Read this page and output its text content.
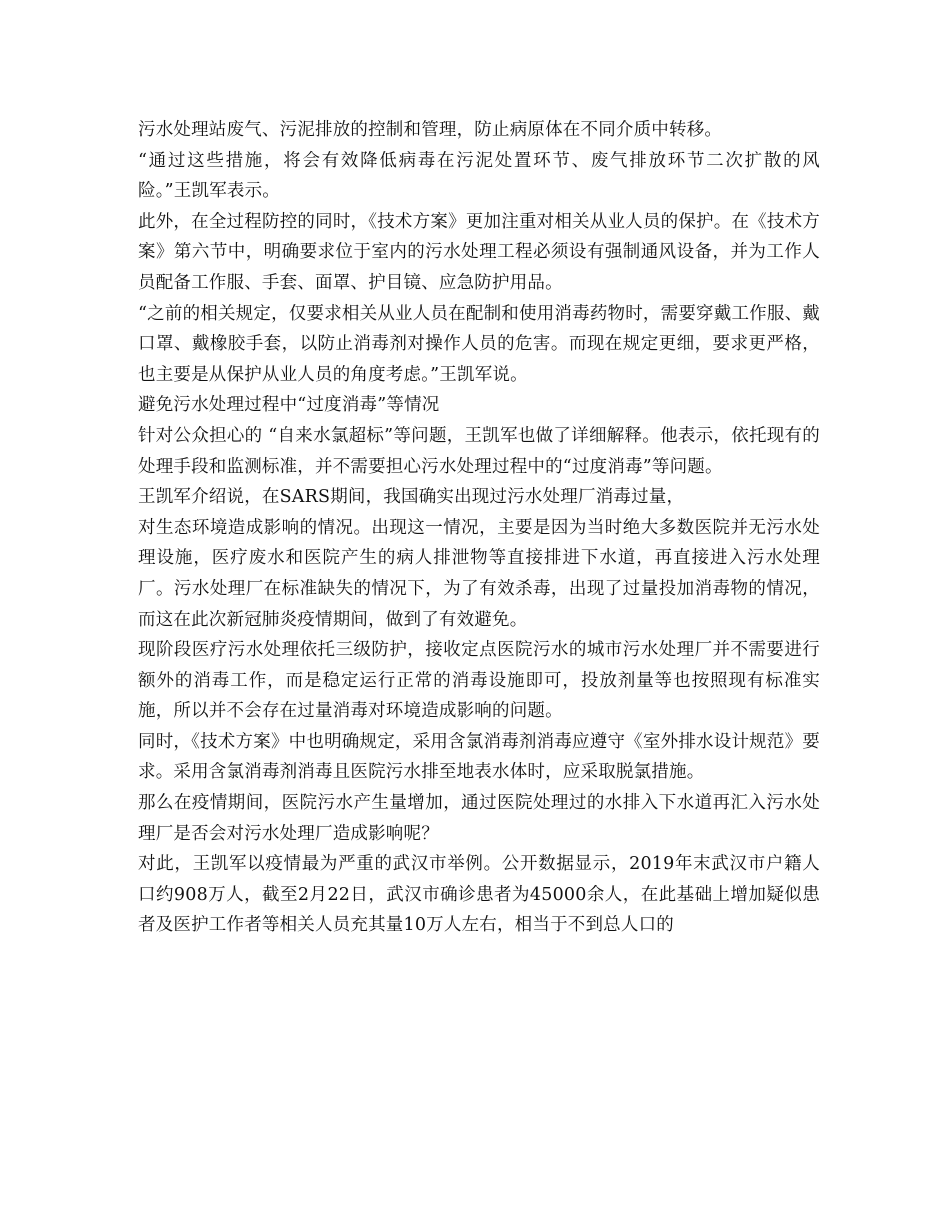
污水处理站废气、污泥排放的控制和管理，防止病原体在不同介质中转移。

“通过这些措施，将会有效降低病毒在污泥处置环节、废气排放环节二次扩散的风险。”王凯军表示。

此外，在全过程防控的同时，《技术方案》更加注重对相关从业人员的保护。在《技术方案》第六节中，明确要求位于室内的污水处理工程必须设有强制通风设备，并为工作人员配备工作服、手套、面罩、护目镜、应急防护用品。

“之前的相关规定，仅要求相关从业人员在配制和使用消毒药物时，需要穿戴工作服、戴口罩、戴橡胶手套，以防止消毒剂对操作人员的危害。而现在规定更细，要求更严格，也主要是从保护从业人员的角度考虑。”王凯军说。

避免污水处理过程中“过度消毒”等情况

针对公众担心的 “自来水氯超标”等问题，王凯军也做了详细解释。他表示，依托现有的处理手段和监测标准，并不需要担心污水处理过程中的“过度消毒”等问题。

王凯军介绍说，在SARS期间，我国确实出现过污水处理厂消毒过量，

对生态环境造成影响的情况。出现这一情况，主要是因为当时绝大多数医院并无污水处理设施，医疗废水和医院产生的病人排泄物等直接排进下水道，再直接进入污水处理厂。污水处理厂在标准缺失的情况下，为了有效杀毒，出现了过量投加消毒物的情况，而这在此次新冠肺炎疫情期间，做到了有效避免。

现阶段医疗污水处理依托三级防护，接收定点医院污水的城市污水处理厂并不需要进行额外的消毒工作，而是稳定运行正常的消毒设施即可，投放剂量等也按照现有标准实施，所以并不会存在过量消毒对环境造成影响的问题。

同时，《技术方案》中也明确规定，采用含氯消毒剂消毒应遵守《室外排水设计规范》要求。采用含氯消毒剂消毒且医院污水排至地表水体时，应采取脱氯措施。

那么在疫情期间，医院污水产生量增加，通过医院处理过的水排入下水道再汇入污水处理厂是否会对污水处理厂造成影响呢？

对此，王凯军以疫情最为严重的武汉市举例。公开数据显示，2019年末武汉市户籍人口约908万人，截至2月22日，武汉市确诊患者为45000余人，在此基础上增加疑似患者及医护工作者等相关人员充其量10万人左右，相当于不到总人口的
